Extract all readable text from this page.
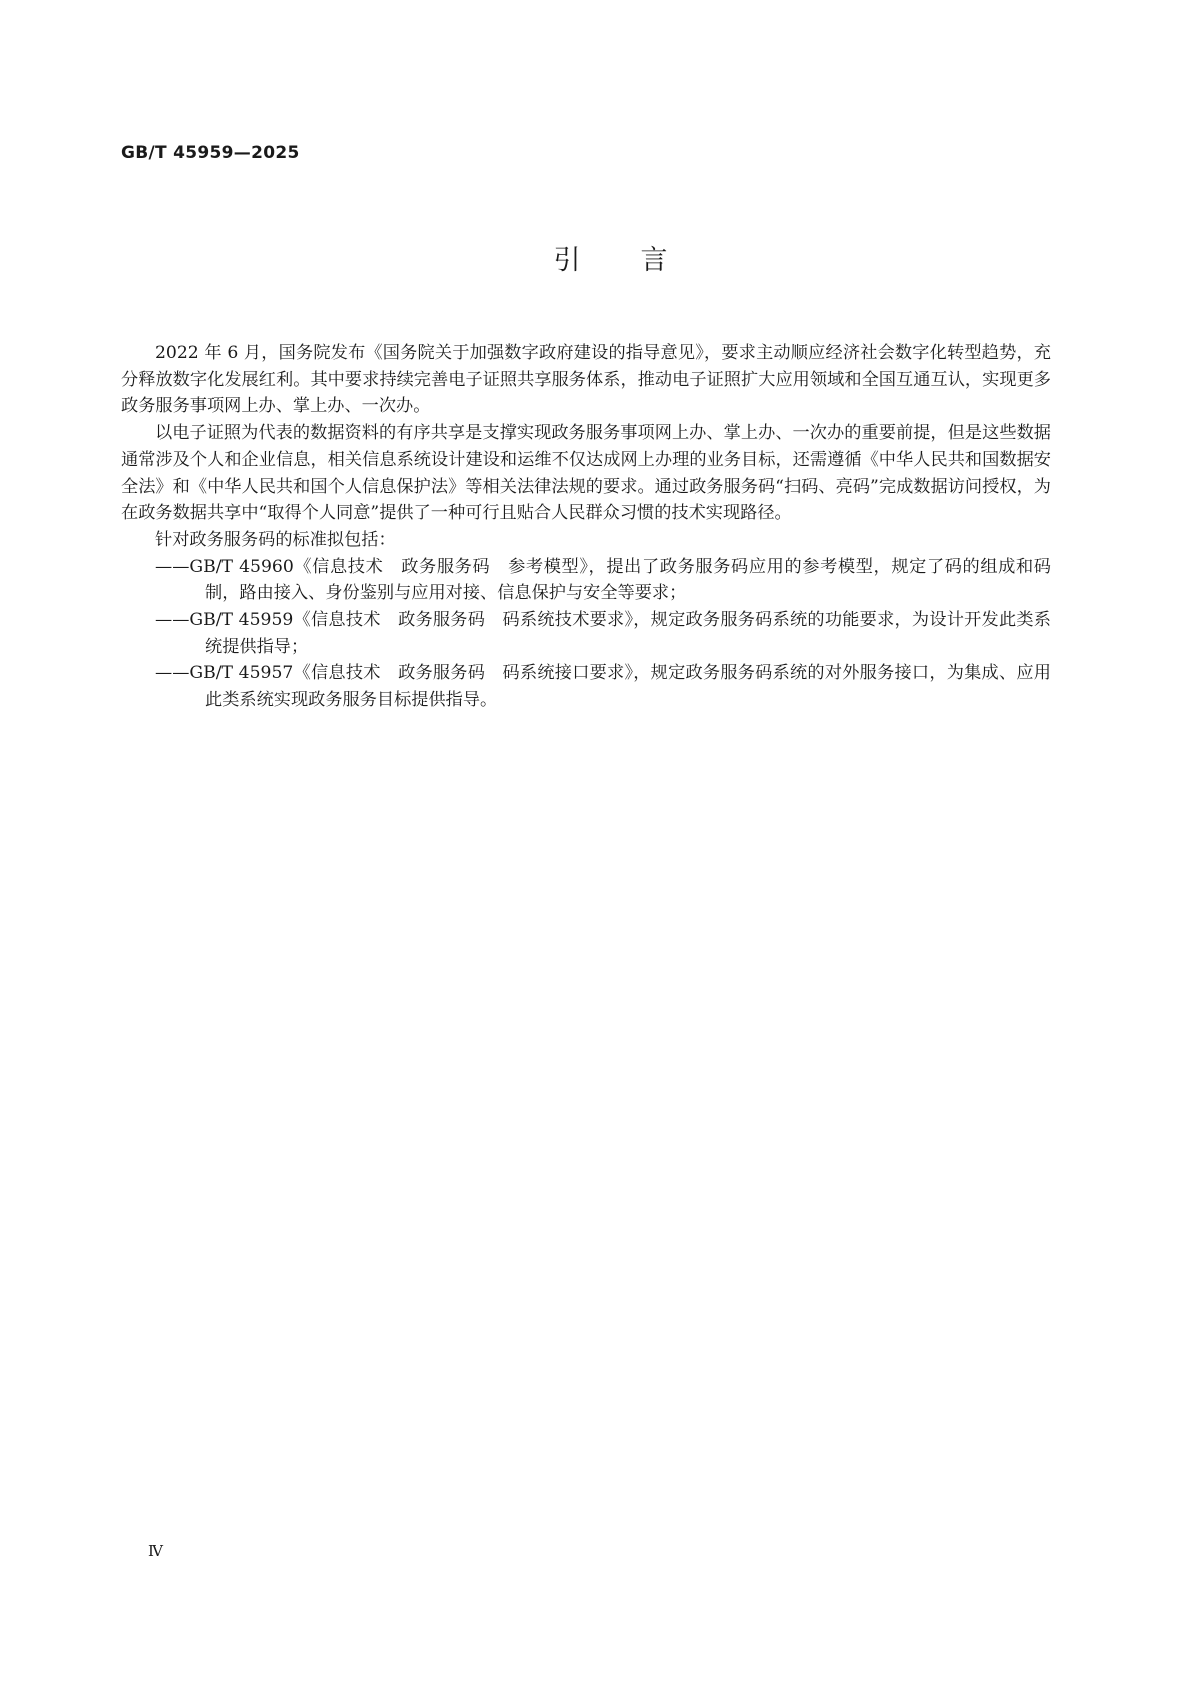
GB/T 45959—2025
引言

2022 年 6 月，国务院发布《国务院关于加强数字政府建设的指导意见》，要求主动顺应经济社会数字化转型趋势，充分释放数字化发展红利。其中要求持续完善电子证照共享服务体系，推动电子证照扩大应用领域和全国互通互认，实现更多政务服务事项网上办、掌上办、一次办。

以电子证照为代表的数据资料的有序共享是支撑实现政务服务事项网上办、掌上办、一次办的重要前提，但是这些数据通常涉及个人和企业信息，相关信息系统设计建设和运维不仅达成网上办理的业务目标，还需遵循《中华人民共和国数据安全法》和《中华人民共和国个人信息保护法》等相关法律法规的要求。通过政务服务码“扫码、亮码”完成数据访问授权，为在政务数据共享中“取得个人同意”提供了一种可行且贴合人民群众习惯的技术实现路径。

针对政务服务码的标准拟包括：

——GB/T 45960《信息技术　政务服务码　参考模型》，提出了政务服务码应用的参考模型，规定了码的组成和码制，路由接入、身份鉴别与应用对接、信息保护与安全等要求；

——GB/T 45959《信息技术　政务服务码　码系统技术要求》，规定政务服务码系统的功能要求，为设计开发此类系统提供指导；

——GB/T 45957《信息技术　政务服务码　码系统接口要求》，规定政务服务码系统的对外服务接口，为集成、应用此类系统实现政务服务目标提供指导。

Ⅳ
